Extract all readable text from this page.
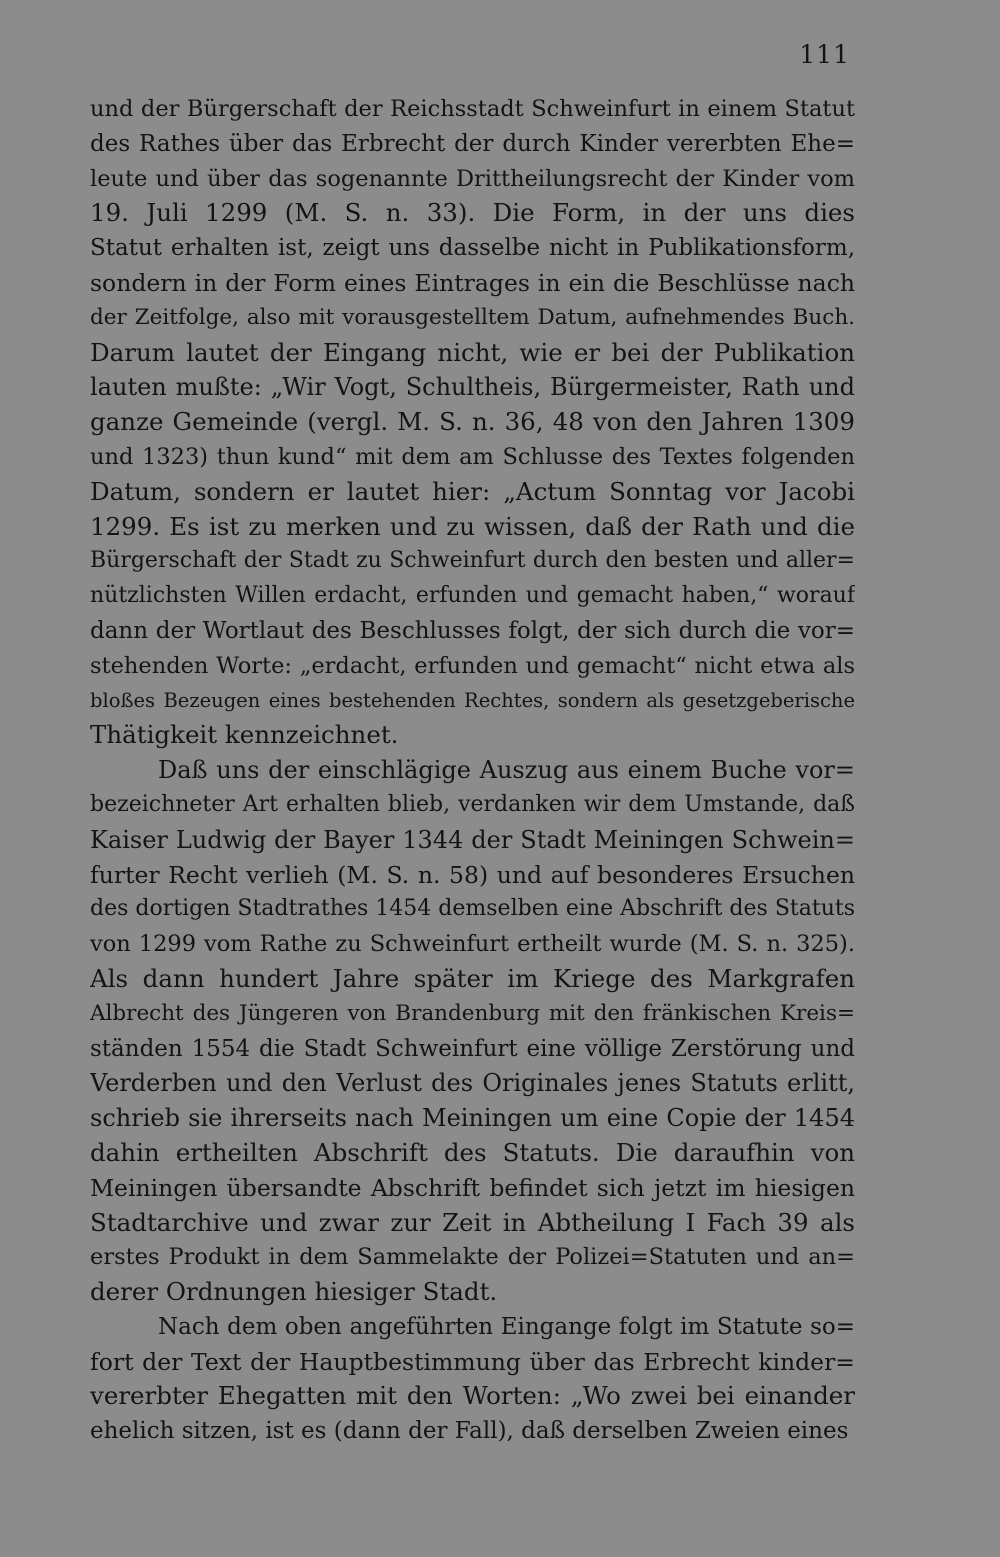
111
und der Bürgerschaft der Reichsstadt Schweinfurt in einem Statut
des Rathes über das Erbrecht der durch Kinder vererbten Ehe=
leute und über das sogenannte Drittheilungsrecht der Kinder vom
19. Juli 1299 (M. S. n. 33). Die Form, in der uns dies
Statut erhalten ist, zeigt uns dasselbe nicht in Publikationsform,
sondern in der Form eines Eintrages in ein die Beschlüsse nach
der Zeitfolge, also mit vorausgestelltem Datum, aufnehmendes Buch.
Darum lautet der Eingang nicht, wie er bei der Publikation
lauten mußte: „Wir Vogt, Schultheis, Bürgermeister, Rath und
ganze Gemeinde (vergl. M. S. n. 36, 48 von den Jahren 1309
und 1323) thun kund“ mit dem am Schlusse des Textes folgenden
Datum, sondern er lautet hier: „Actum Sonntag vor Jacobi
1299. Es ist zu merken und zu wissen, daß der Rath und die
Bürgerschaft der Stadt zu Schweinfurt durch den besten und aller=
nützlichsten Willen erdacht, erfunden und gemacht haben,“ worauf
dann der Wortlaut des Beschlusses folgt, der sich durch die vor=
stehenden Worte: „erdacht, erfunden und gemacht“ nicht etwa als
bloßes Bezeugen eines bestehenden Rechtes, sondern als gesetzgeberische
Thätigkeit kennzeichnet.
Daß uns der einschlägige Auszug aus einem Buche vor=
bezeichneter Art erhalten blieb, verdanken wir dem Umstande, daß
Kaiser Ludwig der Bayer 1344 der Stadt Meiningen Schwein=
furter Recht verlieh (M. S. n. 58) und auf besonderes Ersuchen
des dortigen Stadtrathes 1454 demselben eine Abschrift des Statuts
von 1299 vom Rathe zu Schweinfurt ertheilt wurde (M. S. n. 325).
Als dann hundert Jahre später im Kriege des Markgrafen
Albrecht des Jüngeren von Brandenburg mit den fränkischen Kreis=
ständen 1554 die Stadt Schweinfurt eine völlige Zerstörung und
Verderben und den Verlust des Originales jenes Statuts erlitt,
schrieb sie ihrerseits nach Meiningen um eine Copie der 1454
dahin ertheilten Abschrift des Statuts. Die daraufhin von
Meiningen übersandte Abschrift befindet sich jetzt im hiesigen
Stadtarchive und zwar zur Zeit in Abtheilung I Fach 39 als
erstes Produkt in dem Sammelakte der Polizei=Statuten und an=
derer Ordnungen hiesiger Stadt.
Nach dem oben angeführten Eingange folgt im Statute so=
fort der Text der Hauptbestimmung über das Erbrecht kinder=
vererbter Ehegatten mit den Worten: „Wo zwei bei einander
ehelich sitzen, ist es (dann der Fall), daß derselben Zweien eines
